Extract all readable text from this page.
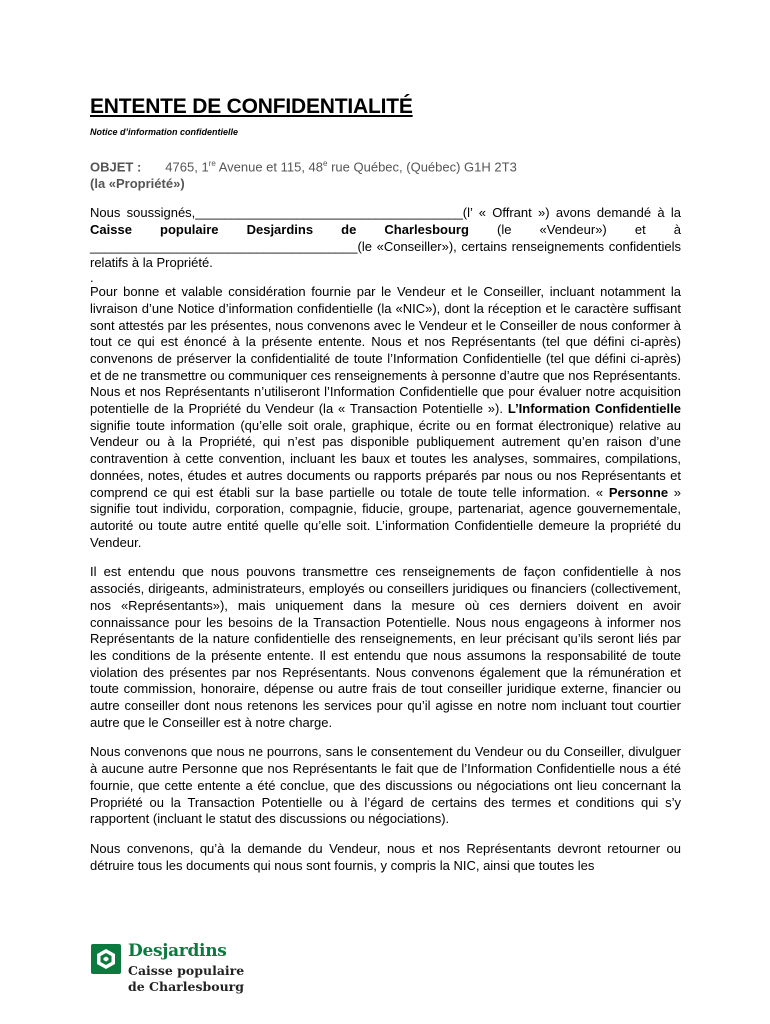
ENTENTE DE CONFIDENTIALITÉ
Notice d’information confidentielle
OBJET : 4765, 1re Avenue et 115, 48e rue Québec, (Québec) G1H 2T3
(la «Propriété»)

Nous soussignés,_____________________________________(l’ « Offrant ») avons demandé à la Caisse populaire Desjardins de Charlesbourg (le «Vendeur») et à _____________________________________(le «Conseiller»), certains renseignements confidentiels relatifs à la Propriété.

.

Pour bonne et valable considération fournie par le Vendeur et le Conseiller, incluant notamment la livraison d’une Notice d’information confidentielle (la «NIC»), dont la réception et le caractère suffisant sont attestés par les présentes, nous convenons avec le Vendeur et le Conseiller de nous conformer à tout ce qui est énoncé à la présente entente. Nous et nos Représentants (tel que défini ci-après) convenons de préserver la confidentialité de toute l’Information Confidentielle (tel que défini ci-après) et de ne transmettre ou communiquer ces renseignements à personne d’autre que nos Représentants. Nous et nos Représentants n’utiliseront l’Information Confidentielle que pour évaluer notre acquisition potentielle de la Propriété du Vendeur (la « Transaction Potentielle »). L’Information Confidentielle signifie toute information (qu’elle soit orale, graphique, écrite ou en format électronique) relative au Vendeur ou à la Propriété, qui n’est pas disponible publiquement autrement qu’en raison d’une contravention à cette convention, incluant les baux et toutes les analyses, sommaires, compilations, données, notes, études et autres documents ou rapports préparés par nous ou nos Représentants et comprend ce qui est établi sur la base partielle ou totale de toute telle information. « Personne » signifie tout individu, corporation, compagnie, fiducie, groupe, partenariat, agence gouvernementale, autorité ou toute autre entité quelle qu’elle soit. L’information Confidentielle demeure la propriété du Vendeur.

Il est entendu que nous pouvons transmettre ces renseignements de façon confidentielle à nos associés, dirigeants, administrateurs, employés ou conseillers juridiques ou financiers (collectivement, nos «Représentants»), mais uniquement dans la mesure où ces derniers doivent en avoir connaissance pour les besoins de la Transaction Potentielle. Nous nous engageons à informer nos Représentants de la nature confidentielle des renseignements, en leur précisant qu’ils seront liés par les conditions de la présente entente. Il est entendu que nous assumons la responsabilité de toute violation des présentes par nos Représentants. Nous convenons également que la rémunération et toute commission, honoraire, dépense ou autre frais de tout conseiller juridique externe, financier ou autre conseiller dont nous retenons les services pour qu’il agisse en notre nom incluant tout courtier autre que le Conseiller est à notre charge.

Nous convenons que nous ne pourrons, sans le consentement du Vendeur ou du Conseiller, divulguer à aucune autre Personne que nos Représentants le fait que de l’Information Confidentielle nous a été fournie, que cette entente a été conclue, que des discussions ou négociations ont lieu concernant la Propriété ou la Transaction Potentielle ou à l’égard de certains des termes et conditions qui s’y rapportent (incluant le statut des discussions ou négociations).

Nous convenons, qu’à la demande du Vendeur, nous et nos Représentants devront retourner ou détruire tous les documents qui nous sont fournis, y compris la NIC, ainsi que toutes les

Desjardins
Caisse populaire
de Charlesbourg
